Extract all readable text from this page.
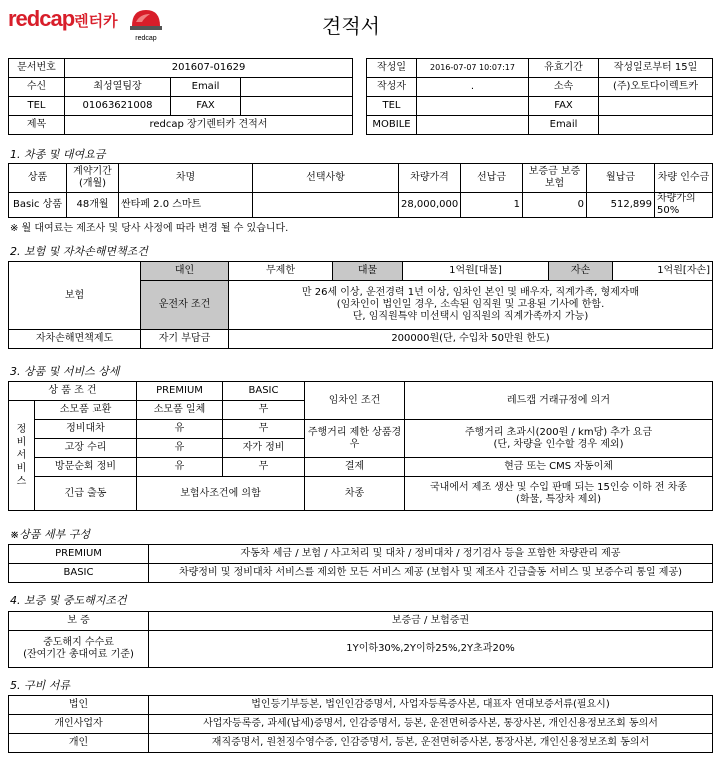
redcap렌터카
redcap
견적서
문서번호	201607-01629		
수신	최성열팀장	Email	
TEL	01063621008	FAX	
제목	redcap 장기렌터카 견적서		
작성일	2016-07-07 10:07:17	유효기간	작성일로부터 15일
작성자	.	소속	(주)오토다이렉트카
TEL		FAX	
MOBILE		Email	
1. 차종 및 대여요금
상품	계약기간(개월)	차명	선택사항	차량가격	선납금	보증금 보증보험	월납금	차량 인수금
Basic 상품	48개월	싼타페 2.0 스마트		28,000,000	1	0	512,899	차량가의 50%
※ 월 대여료는 제조사 및 당사 사정에 따라 변경 될 수 있습니다.
2. 보험 및 자차손해면책조건
보험	대인	무제한	대물	1억원[대물]	자손	1억원[자손]
	운전자 조건	만 26세 이상, 운전경력 1년 이상, 임차인 본인 및 배우자, 직계가족, 형제자매
(임차인이 법인일 경우, 소속된 임직원 및 고용된 기사에 한함.
단, 임직원특약 미선택시 임직원의 직계가족까지 가능)				

자차손해면책제도	자기 부담금	200000원(단, 수입차 50만원 한도)				
3. 상품 및 서비스 상세
상 품 조 건		PREMIUM	BASIC	임차인 조건	레드캡 거래규정에 의거

정비서비스	소모품 교환	소모품 일체	무		
	정비대차	유	무	주행거리 제한 상품경우	주행거리 초과시(200원 / km당) 추가 요금
(단, 차량을 인수할 경우 제외)

	고장 수리	유	자가 정비		
	방문순회 정비	유	무	결제	현금 또는 CMS 자동이체
	긴급 출동	보험사조건에 의함		차종	국내에서 제조 생산 및 수입 판매 되는 15인승 이하 전 차종
(화물, 특장차 제외)
※상품 세부 구성
PREMIUM	자동차 세금 / 보험 / 사고처리 및 대차 / 정비대차 / 정기검사 등을 포함한 차량관리 제공
BASIC	차량정비 및 정비대차 서비스를 제외한 모든 서비스 제공 (보험사 및 제조사 긴급출동 서비스 및 보증수리 통일 제공)
4. 보증 및 중도해지조건
보 증	보증금 / 보험증권

중도해지 수수료
(잔여기간 총대여료 기준)	1Y이하30%,2Y이하25%,2Y초과20%
5. 구비 서류
법인	법인등기부등본, 법인인감증명서, 사업자등록증사본, 대표자 연대보증서류(필요시)
개인사업자	사업자등록증, 과세(납세)증명서, 인감증명서, 등본, 운전면허증사본, 통장사본, 개인신용정보조회 동의서
개인	재직증명서, 원천징수영수증, 인감증명서, 등본, 운전면허증사본, 통장사본, 개인신용정보조회 동의서
